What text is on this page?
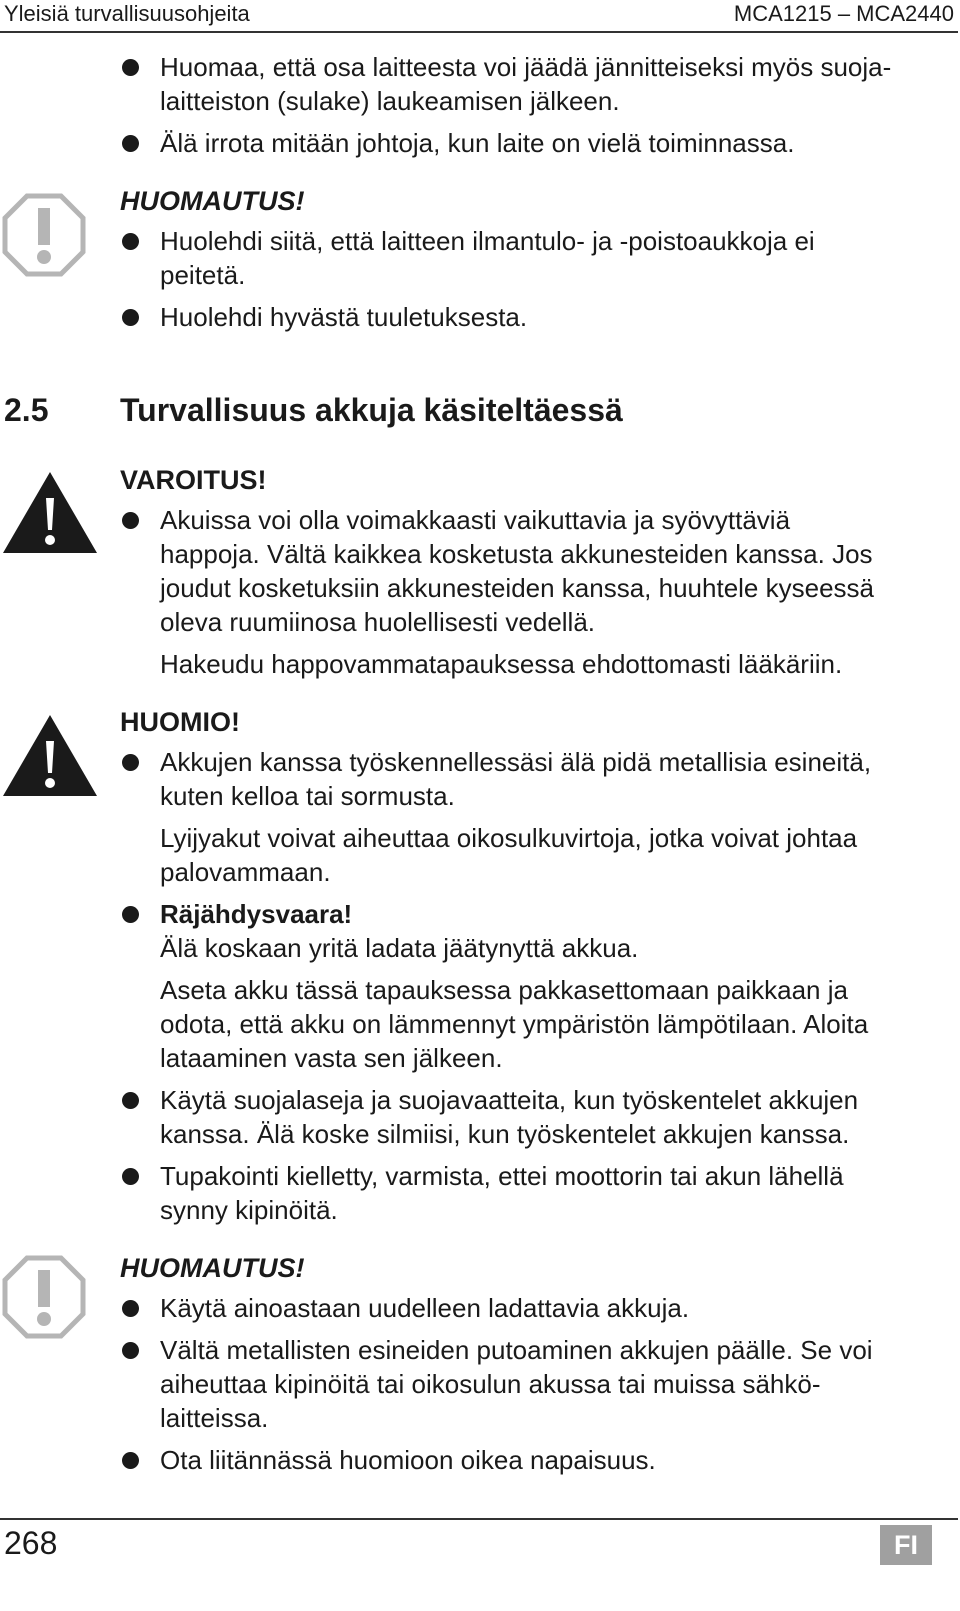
Yleisiä turvallisuusohjeita	MCA1215 – MCA2440
2.5 Turvallisuus akkuja käsiteltäessä
Huomaa, että osa laitteesta voi jäädä jännitteiseksi myös suoja-
laitteiston (sulake) laukeamisen jälkeen.
Älä irrota mitään johtoja, kun laite on vielä toiminnassa.
HUOMAUTUS!
Huolehdi siitä, että laitteen ilmantulo- ja -poistoaukkoja ei
peitetä.
Huolehdi hyvästä tuuletuksesta.
VAROITUS!
Akuissa voi olla voimakkaasti vaikuttavia ja syövyttäviä
happoja. Vältä kaikkea kosketusta akkunesteiden kanssa. Jos
joudut kosketuksiin akkunesteiden kanssa, huuhtele kyseessä
oleva ruumiinosa huolellisesti vedellä.
Hakeudu happovammatapauksessa ehdottomasti lääkäriin.
HUOMIO!
Akkujen kanssa työskennellessäsi älä pidä metallisia esineitä,
kuten kelloa tai sormusta.
Lyijyakut voivat aiheuttaa oikosulkuvirtoja, jotka voivat johtaa
palovammaan.
Räjähdysvaara!
Älä koskaan yritä ladata jäätynyttä akkua.
Aseta akku tässä tapauksessa pakkasettomaan paikkaan ja
odota, että akku on lämmennyt ympäristön lämpötilaan. Aloita
lataaminen vasta sen jälkeen.
Käytä suojalaseja ja suojavaatteita, kun työskentelet akkujen
kanssa. Älä koske silmiisi, kun työskentelet akkujen kanssa.
Tupakointi kielletty, varmista, ettei moottorin tai akun lähellä
synny kipinöitä.
HUOMAUTUS!
Käytä ainoastaan uudelleen ladattavia akkuja.
Vältä metallisten esineiden putoaminen akkujen päälle. Se voi
aiheuttaa kipinöitä tai oikosulun akussa tai muissa sähkö-
laitteissa.
Ota liitännässä huomioon oikea napaisuus.
268	FI
